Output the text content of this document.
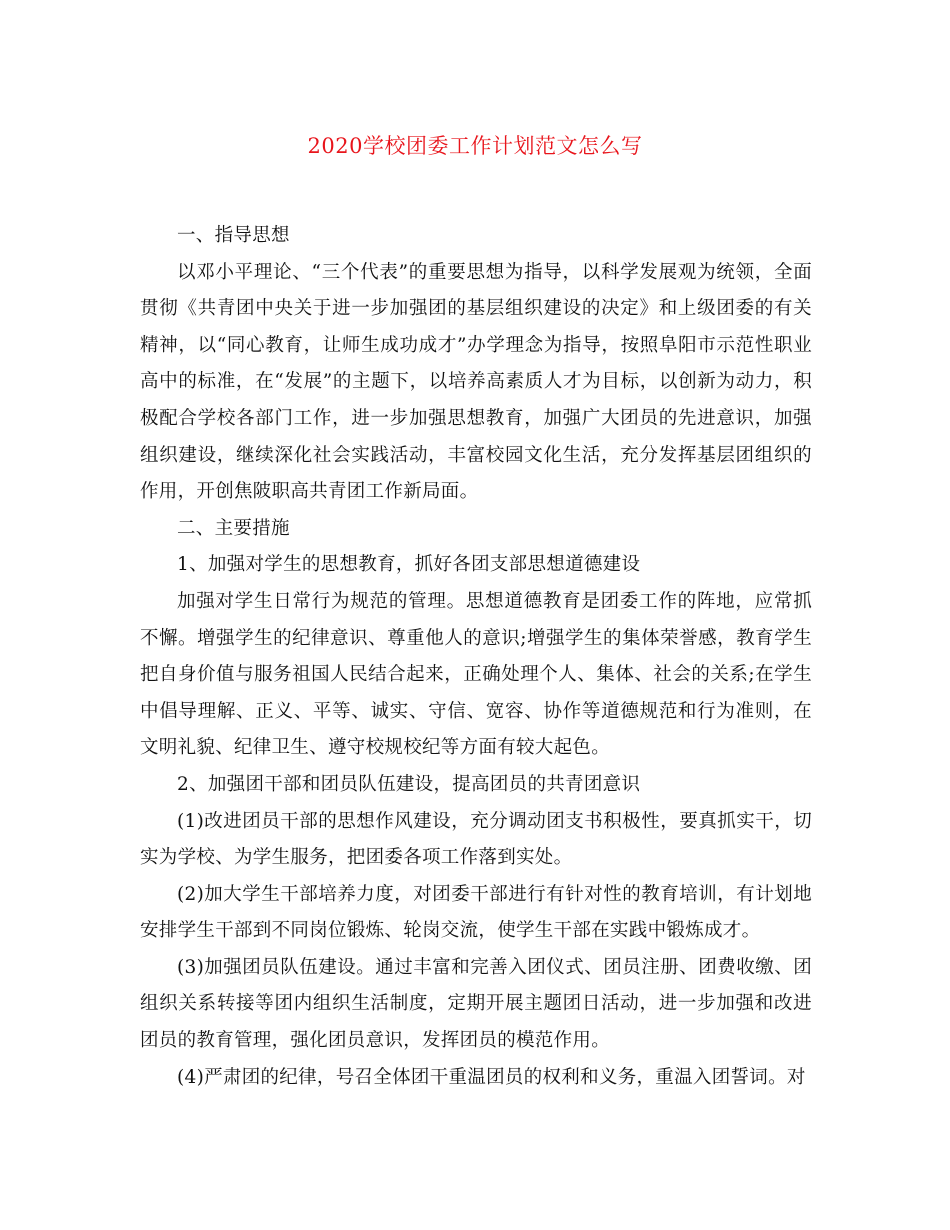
2020学校团委工作计划范文怎么写

一、指导思想

以邓小平理论、“三个代表”的重要思想为指导，以科学发展观为统领，全面贯彻《共青团中央关于进一步加强团的基层组织建设的决定》和上级团委的有关精神，以“同心教育，让师生成功成才”办学理念为指导，按照阜阳市示范性职业高中的标准，在“发展”的主题下，以培养高素质人才为目标，以创新为动力，积极配合学校各部门工作，进一步加强思想教育，加强广大团员的先进意识，加强组织建设，继续深化社会实践活动，丰富校园文化生活，充分发挥基层团组织的作用，开创焦陂职高共青团工作新局面。

二、主要措施

1、加强对学生的思想教育，抓好各团支部思想道德建设

加强对学生日常行为规范的管理。思想道德教育是团委工作的阵地，应常抓不懈。增强学生的纪律意识、尊重他人的意识;增强学生的集体荣誉感，教育学生把自身价值与服务祖国人民结合起来，正确处理个人、集体、社会的关系;在学生中倡导理解、正义、平等、诚实、守信、宽容、协作等道德规范和行为准则，在文明礼貌、纪律卫生、遵守校规校纪等方面有较大起色。

2、加强团干部和团员队伍建设，提高团员的共青团意识

(1)改进团员干部的思想作风建设，充分调动团支书积极性，要真抓实干，切实为学校、为学生服务，把团委各项工作落到实处。

(2)加大学生干部培养力度，对团委干部进行有针对性的教育培训，有计划地安排学生干部到不同岗位锻炼、轮岗交流，使学生干部在实践中锻炼成才。

(3)加强团员队伍建设。通过丰富和完善入团仪式、团员注册、团费收缴、团组织关系转接等团内组织生活制度，定期开展主题团日活动，进一步加强和改进团员的教育管理，强化团员意识，发挥团员的模范作用。

(4)严肃团的纪律，号召全体团干重温团员的权利和义务，重温入团誓词。对
